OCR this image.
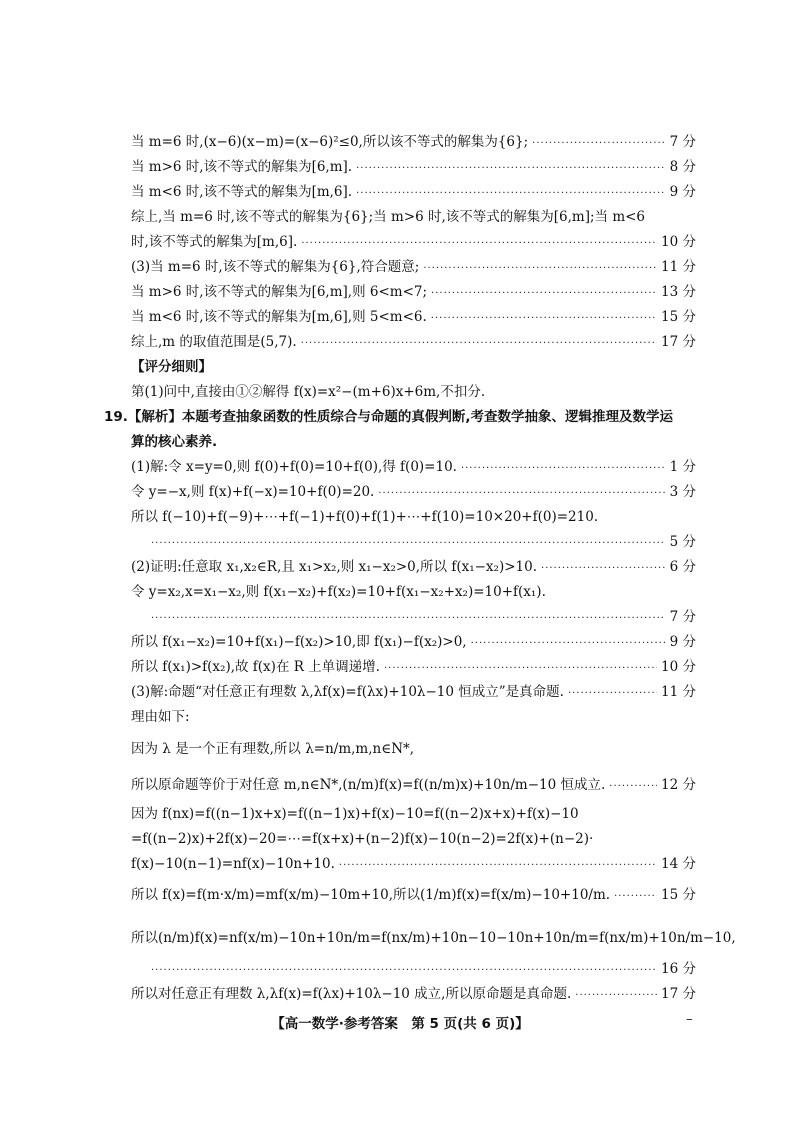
当 m=6 时,(x−6)(x−m)=(x−6)²≤0,所以该不等式的解集为{6}; ·····	7 分
当 m>6 时,该不等式的解集为[6,m]. ·····	8 分
当 m<6 时,该不等式的解集为[m,6]. ·····	9 分
综上,当 m=6 时,该不等式的解集为{6};当 m>6 时,该不等式的解集为[6,m];当 m<6
时,该不等式的解集为[m,6]. ·····	10 分
(3)当 m=6 时,该不等式的解集为{6},符合题意; ·····	11 分
当 m>6 时,该不等式的解集为[6,m],则 6<m<7; ·····	13 分
当 m<6 时,该不等式的解集为[m,6],则 5<m<6. ·····	15 分
综上,m 的取值范围是(5,7). ·····	17 分
【评分细则】
第(1)问中,直接由①②解得 f(x)=x²−(m+6)x+6m,不扣分.
19.【解析】本题考查抽象函数的性质综合与命题的真假判断,考查数学抽象、逻辑推理及数学运
算的核心素养.
(1)解:令 x=y=0,则 f(0)+f(0)=10+f(0),得 f(0)=10. ·····	1 分
令 y=−x,则 f(x)+f(−x)=10+f(0)=20. ·····	3 分
所以 f(−10)+f(−9)+⋯+f(−1)+f(0)+f(1)+⋯+f(10)=10×20+f(0)=210.
·····
5 分
(2)证明:任意取 x₁,x₂∈R,且 x₁>x₂,则 x₁−x₂>0,所以 f(x₁−x₂)>10. ·····	6 分
令 y=x₂,x=x₁−x₂,则 f(x₁−x₂)+f(x₂)=10+f(x₁−x₂+x₂)=10+f(x₁).
·····
7 分
所以 f(x₁−x₂)=10+f(x₁)−f(x₂)>10,即 f(x₁)−f(x₂)>0, ·····	9 分
所以 f(x₁)>f(x₂),故 f(x)在 R 上单调递增. ·····	10 分
(3)解:命题“对任意正有理数 λ,λf(x)=f(λx)+10λ−10 恒成立”是真命题. ·····	11 分
理由如下:
因为 λ 是一个正有理数,所以 λ=n/m,m,n∈N*,
所以原命题等价于对任意 m,n∈N*,(n/m)f(x)=f((n/m)x)+10n/m−10 恒成立. ·····	12 分
因为 f(nx)=f((n−1)x+x)=f((n−1)x)+f(x)−10=f((n−2)x+x)+f(x)−10
=f((n−2)x)+2f(x)−20=⋯=f(x+x)+(n−2)f(x)−10(n−2)=2f(x)+(n−2)·
f(x)−10(n−1)=nf(x)−10n+10. ·····	14 分
所以 f(x)=f(m·x/m)=mf(x/m)−10m+10,所以(1/m)f(x)=f(x/m)−10+10/m. ·····	15 分
所以(n/m)f(x)=nf(x/m)−10n+10n/m=f(nx/m)+10n−10−10n+10n/m=f(nx/m)+10n/m−10,
·····
16 分
所以对任意正有理数 λ,λf(x)=f(λx)+10λ−10 成立,所以原命题是真命题. ·····	17 分
【高一数学·参考答案　第 5 页(共 6 页)】	–
